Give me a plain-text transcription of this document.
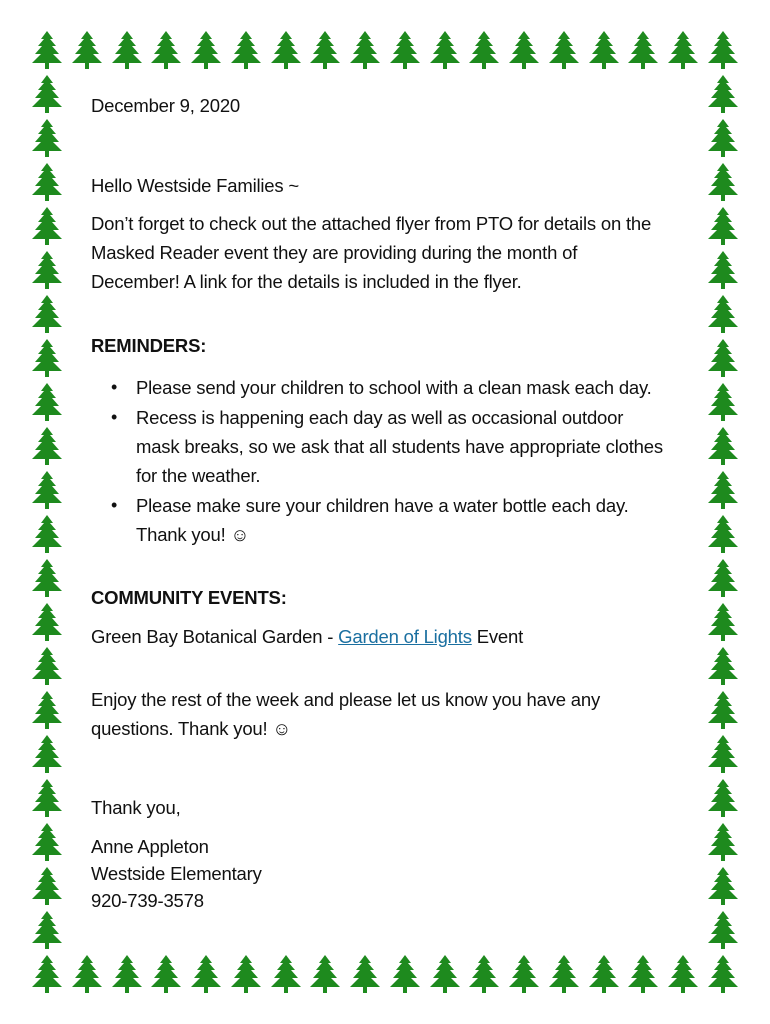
December 9, 2020

Hello Westside Families ~

Don’t forget to check out the attached flyer from PTO for details on the

Masked Reader event they are providing during the month of

December! A link for the details is included in the flyer.

REMINDERS:

• Please send your children to school with a clean mask each day.
• Recess is happening each day as well as occasional outdoor
mask breaks, so we ask that all students have appropriate clothes
for the weather.
• Please make sure your children have a water bottle each day.
Thank you! ☺

COMMUNITY EVENTS:

Green Bay Botanical Garden - Garden of Lights Event

Enjoy the rest of the week and please let us know you have any

questions. Thank you! ☺

Thank you,

Anne Appleton

Westside Elementary

920-739-3578
